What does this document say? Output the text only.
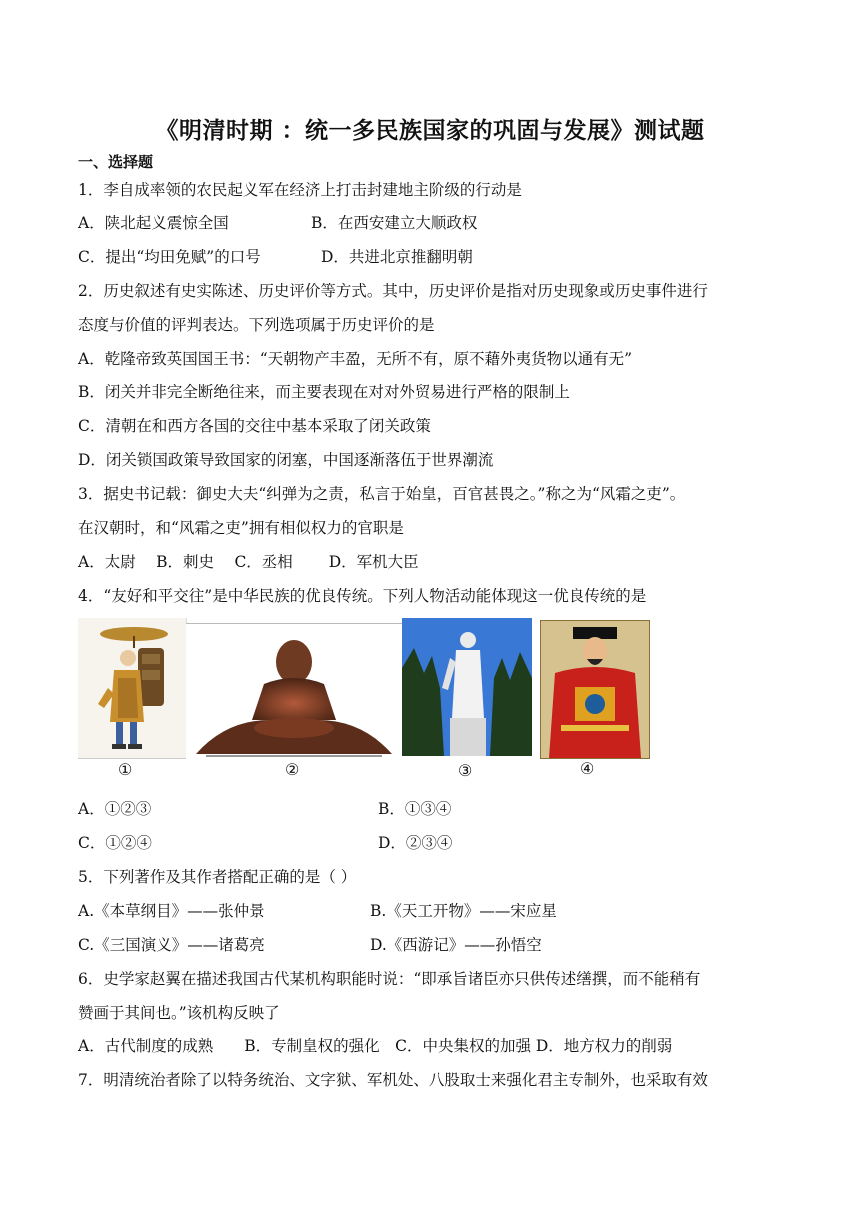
《明清时期 ：统一多民族国家的巩固与发展》测试题
一、选择题
1．李自成率领的农民起义军在经济上打击封建地主阶级的行动是
A．陕北起义震惊全国	B．在西安建立大顺政权
C．提出“均田免赋”的口号	D．共进北京推翻明朝
2．历史叙述有史实陈述、历史评价等方式。其中，历史评价是指对历史现象或历史事件进行
态度与价值的评判表达。下列选项属于历史评价的是
A．乾隆帝致英国国王书：“天朝物产丰盈，无所不有，原不藉外夷货物以通有无”
B．闭关并非完全断绝往来，而主要表现在对对外贸易进行严格的限制上
C．清朝在和西方各国的交往中基本采取了闭关政策
D．闭关锁国政策导致国家的闭塞，中国逐渐落伍于世界潮流
3．据史书记载：御史大夫“纠弹为之责，私言于始皇，百官甚畏之。”称之为“风霜之吏”。
在汉朝时，和“风霜之吏”拥有相似权力的官职是
A．太尉　 B．刺史　 C．丞相　　 D．军机大臣
4．“友好和平交往”是中华民族的优良传统。下列人物活动能体现这一优良传统的是
①	②	③	④
A．①②③	B．①③④
C．①②④	D．②③④
5．下列著作及其作者搭配正确的是（ ）
A.《本草纲目》——张仲景	B.《天工开物》——宋应星
C.《三国演义》——诸葛亮	D.《西游记》——孙悟空
6．史学家赵翼在描述我国古代某机构职能时说：“即承旨诸臣亦只供传述缮撰，而不能稍有
赞画于其间也。”该机构反映了
A．古代制度的成熟　　B．专制皇权的强化　C．中央集权的加强 D．地方权力的削弱
7．明清统治者除了以特务统治、文字狱、军机处、八股取士来强化君主专制外，也采取有效
